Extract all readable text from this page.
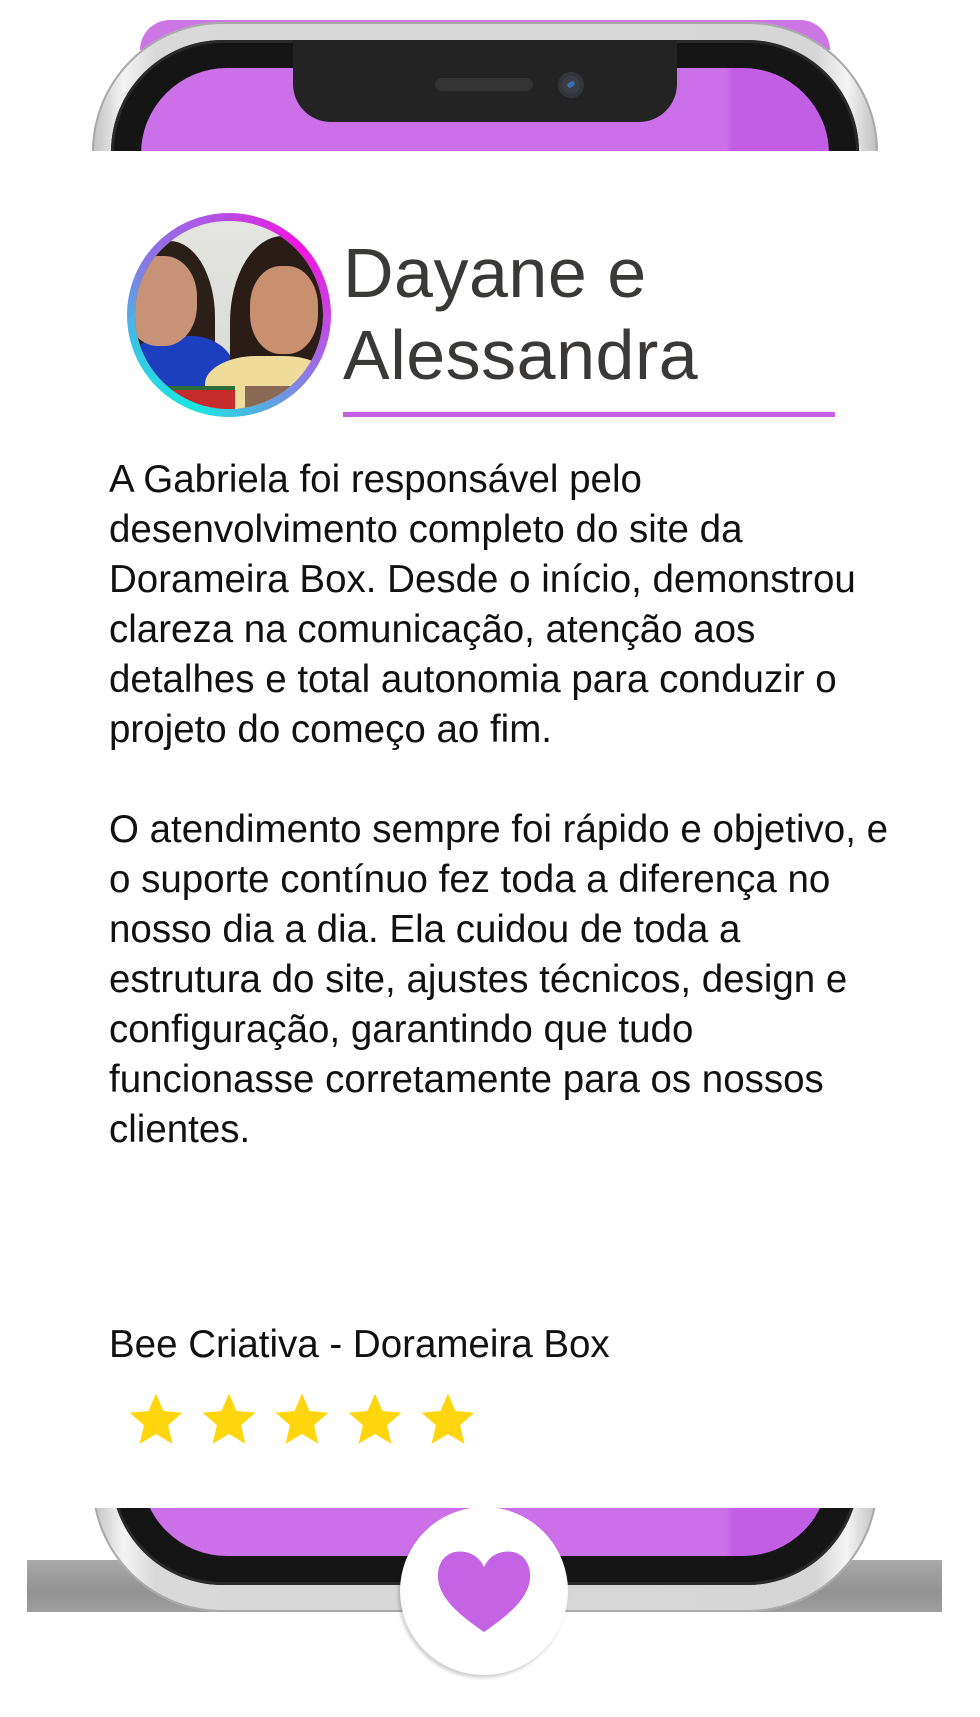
Dayane e
Alessandra

A Gabriela foi responsável pelo desenvolvimento completo do site da Dorameira Box. Desde o início, demonstrou clareza na comunicação, atenção aos detalhes e total autonomia para conduzir o projeto do começo ao fim.

O atendimento sempre foi rápido e objetivo, e o suporte contínuo fez toda a diferença no nosso dia a dia. Ela cuidou de toda a estrutura do site, ajustes técnicos, design e configuração, garantindo que tudo funcionasse corretamente para os nossos clientes.

Bee Criativa - Dorameira Box
